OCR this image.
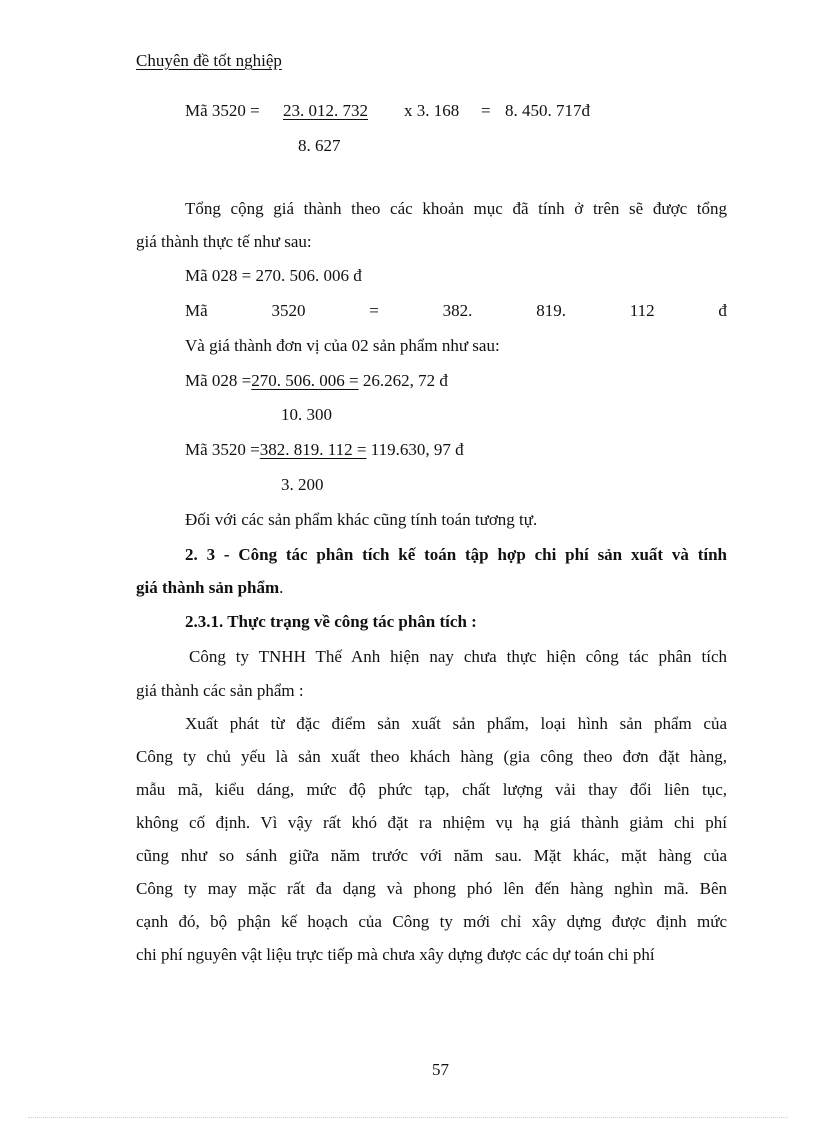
Chuyên đề tốt nghiệp
Mã 3520 = 23. 012. 732	x 3. 168 = 8. 450. 717đ
8. 627
Tổng cộng giá thành theo các khoản mục đã tính ở trên sẽ được tổng
giá thành thực tế như sau:
Mã 028 = 270. 506. 006 đ
Mã	3520	=	382.	819.	112	đ
Và giá thành đơn vị của 02 sản phẩm như sau:
Mã 028 =270. 506. 006 = 26.262, 72 đ
10. 300
Mã 3520 =382. 819. 112 = 119.630, 97 đ
3. 200
Đối với các sản phẩm khác cũng tính toán tương tự.
2. 3 - Công tác phân tích kế toán tập hợp chi phí sản xuất và tính
giá thành sản phẩm.
2.3.1. Thực trạng về công tác phân tích :
Công ty TNHH Thế Anh hiện nay chưa thực hiện công tác phân tích
giá thành các sản phẩm :
Xuất phát từ đặc điểm sản xuất sản phẩm, loại hình sản phẩm của
Công ty chủ yếu là sản xuất theo khách hàng (gia công theo đơn đặt hàng,
mẫu mã, kiểu dáng, mức độ phức tạp, chất lượng vải thay đổi liên tục,
không cố định. Vì vậy rất khó đặt ra nhiệm vụ hạ giá thành giảm chi phí
cũng như so sánh giữa năm trước với năm sau. Mặt khác, mặt hàng của
Công ty may mặc rất đa dạng và phong phó lên đến hàng nghìn mã. Bên
cạnh đó, bộ phận kế hoạch của Công ty mới chỉ xây dựng được định mức
chi phí nguyên vật liệu trực tiếp mà chưa xây dựng được các dự toán chi phí
57
